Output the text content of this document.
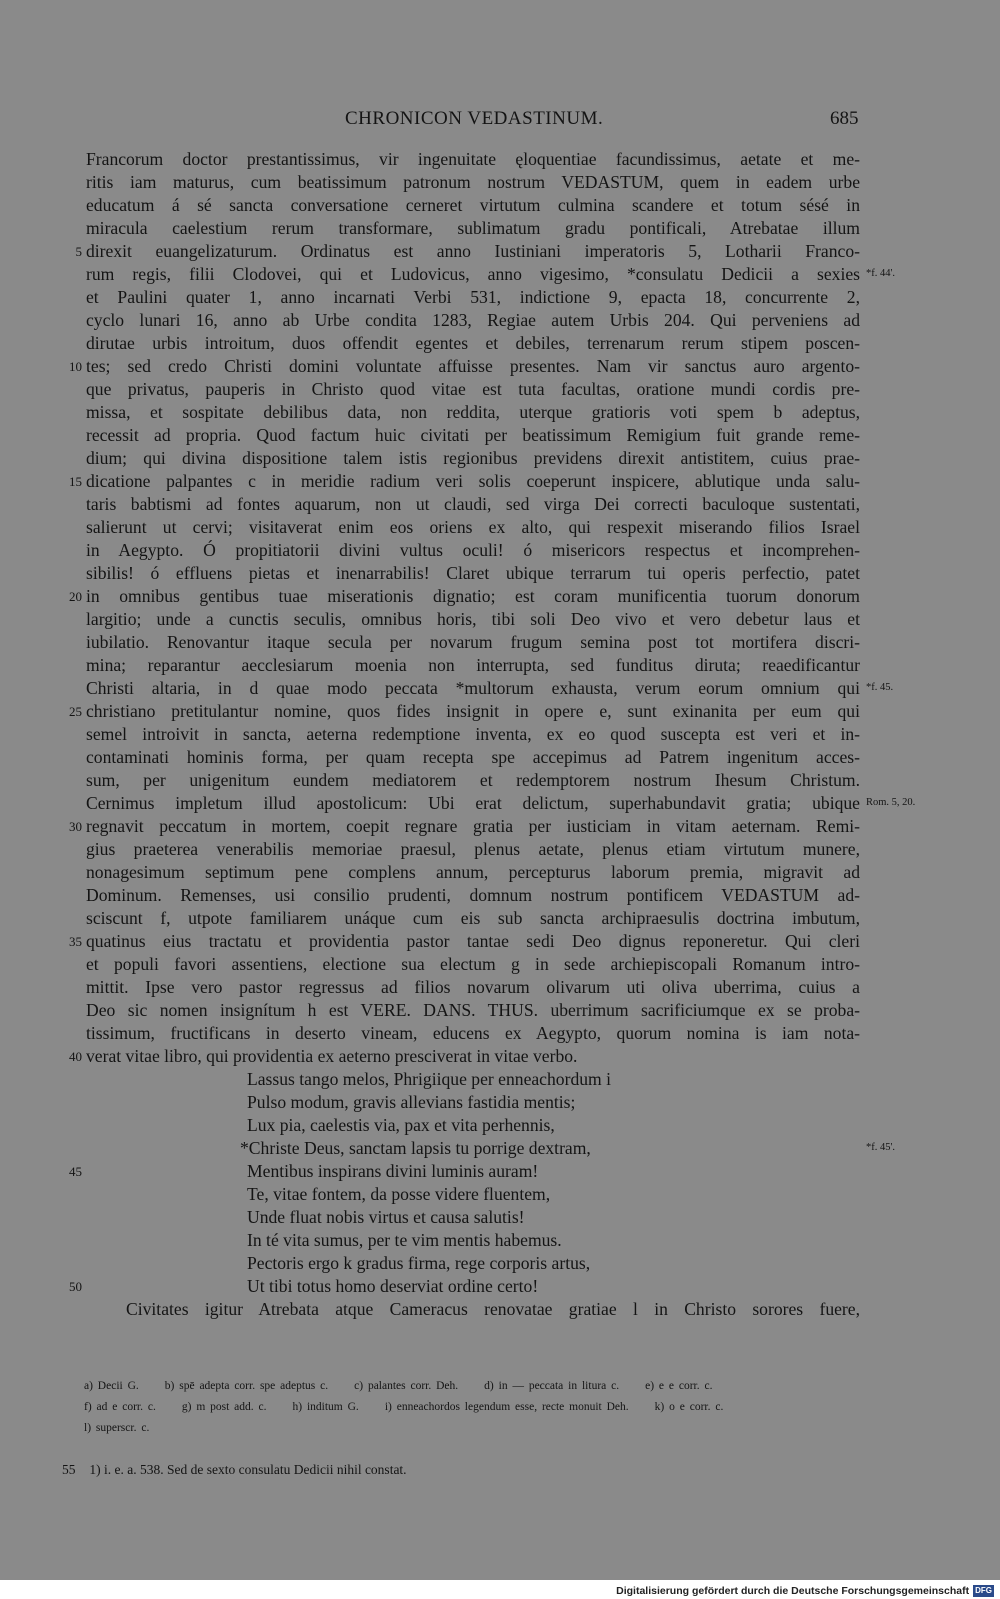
CHRONICON VEDASTINUM.	685
Francorum doctor prestantissimus, vir ingenuitate ęloquentiae facundissimus, aetate et me-
ritis iam maturus, cum beatissimum patronum nostrum VEDASTUM, quem in eadem urbe
educatum á sé sancta conversatione cerneret virtutum culmina scandere et totum sésé in
miracula caelestium rerum transformare, sublimatum gradu pontificali, Atrebatae illum
5 direxit euangelizaturum. Ordinatus est anno Iustiniani imperatoris 5, Lotharii Franco-
rum regis, filii Clodovei, qui et Ludovicus, anno vigesimo, *consulatu Dedicii a sexies *f. 44'.
et Paulini quater 1, anno incarnati Verbi 531, indictione 9, epacta 18, concurrente 2,
cyclo lunari 16, anno ab Urbe condita 1283, Regiae autem Urbis 204. Qui perveniens ad
dirutae urbis introitum, duos offendit egentes et debiles, terrenarum rerum stipem poscen-
10 tes; sed credo Christi domini voluntate affuisse presentes. Nam vir sanctus auro argento-
que privatus, pauperis in Christo quod vitae est tuta facultas, oratione mundi cordis pre-
missa, et sospitate debilibus data, non reddita, uterque gratioris voti spem b adeptus,
recessit ad propria. Quod factum huic civitati per beatissimum Remigium fuit grande reme-
dium; qui divina dispositione talem istis regionibus previdens direxit antistitem, cuius prae-
15 dicatione palpantes c in meridie radium veri solis coeperunt inspicere, ablutique unda salu-
taris babtismi ad fontes aquarum, non ut claudi, sed virga Dei correcti baculoque sustentati,
salierunt ut cervi; visitaverat enim eos oriens ex alto, qui respexit miserando filios Israel
in Aegypto. Ó propitiatorii divini vultus oculi! ó misericors respectus et incomprehen-
sibilis! ó effluens pietas et inenarrabilis! Claret ubique terrarum tui operis perfectio, patet
20 in omnibus gentibus tuae miserationis dignatio; est coram munificentia tuorum donorum
largitio; unde a cunctis seculis, omnibus horis, tibi soli Deo vivo et vero debetur laus et
iubilatio. Renovantur itaque secula per novarum frugum semina post tot mortifera discri-
mina; reparantur aecclesiarum moenia non interrupta, sed funditus diruta; reaedificantur
Christi altaria, in d quae modo peccata *multorum exhausta, verum eorum omnium qui *f. 45.
25 christiano pretitulantur nomine, quos fides insignit in opere e, sunt exinanita per eum qui
semel introivit in sancta, aeterna redemptione inventa, ex eo quod suscepta est veri et in-
contaminati hominis forma, per quam recepta spe accepimus ad Patrem ingenitum acces-
sum, per unigenitum eundem mediatorem et redemptorem nostrum Ihesum Christum.
Cernimus impletum illud apostolicum: Ubi erat delictum, superhabundavit gratia; ubique Rom. 5, 20.
30 regnavit peccatum in mortem, coepit regnare gratia per iusticiam in vitam aeternam. Remi-
gius praeterea venerabilis memoriae praesul, plenus aetate, plenus etiam virtutum munere,
nonagesimum septimum pene complens annum, percepturus laborum premia, migravit ad
Dominum. Remenses, usi consilio prudenti, domnum nostrum pontificem VEDASTUM ad-
sciscunt f, utpote familiarem unáque cum eis sub sancta archipraesulis doctrina imbutum,
35 quatinus eius tractatu et providentia pastor tantae sedi Deo dignus reponeretur. Qui cleri
et populi favori assentiens, electione sua electum g in sede archiepiscopali Romanum intro-
mittit. Ipse vero pastor regressus ad filios novarum olivarum uti oliva uberrima, cuius a
Deo sic nomen insignítum h est VERE. DANS. THUS. uberrimum sacrificiumque ex se proba-
tissimum, fructificans in deserto vineam, educens ex Aegypto, quorum nomina is iam nota-
40 verat vitae libro, qui providentia ex aeterno presciverat in vitae verbo.
Lassus tango melos, Phrigiique per enneachordum i
Pulso modum, gravis allevians fastidia mentis;
Lux pia, caelestis via, pax et vita perhennis,
*Christe Deus, sanctam lapsis tu porrige dextram,	*f. 45'.
45	Mentibus inspirans divini luminis auram!
Te, vitae fontem, da posse videre fluentem,
Unde fluat nobis virtus et causa salutis!
In té vita sumus, per te vim mentis habemus.
Pectoris ergo k gradus firma, rege corporis artus,
50	Ut tibi totus homo deserviat ordine certo!
Civitates igitur Atrebata atque Cameracus renovatae gratiae l in Christo sorores fuere,
a) Decii G. b) spē adepta corr. spe adeptus c. c) palantes corr. Deh. d) in — peccata in litura c. e) e e corr. c.
f) ad e corr. c. g) m post add. c. h) inditum G. i) enneachordos legendum esse, recte monuit Deh. k) o e corr. c.
l) superscr. c.
55 1) i. e. a. 538. Sed de sexto consulatu Dedicii nihil constat.
Digitalisierung gefördert durch die Deutsche Forschungsgemeinschaft DFG
